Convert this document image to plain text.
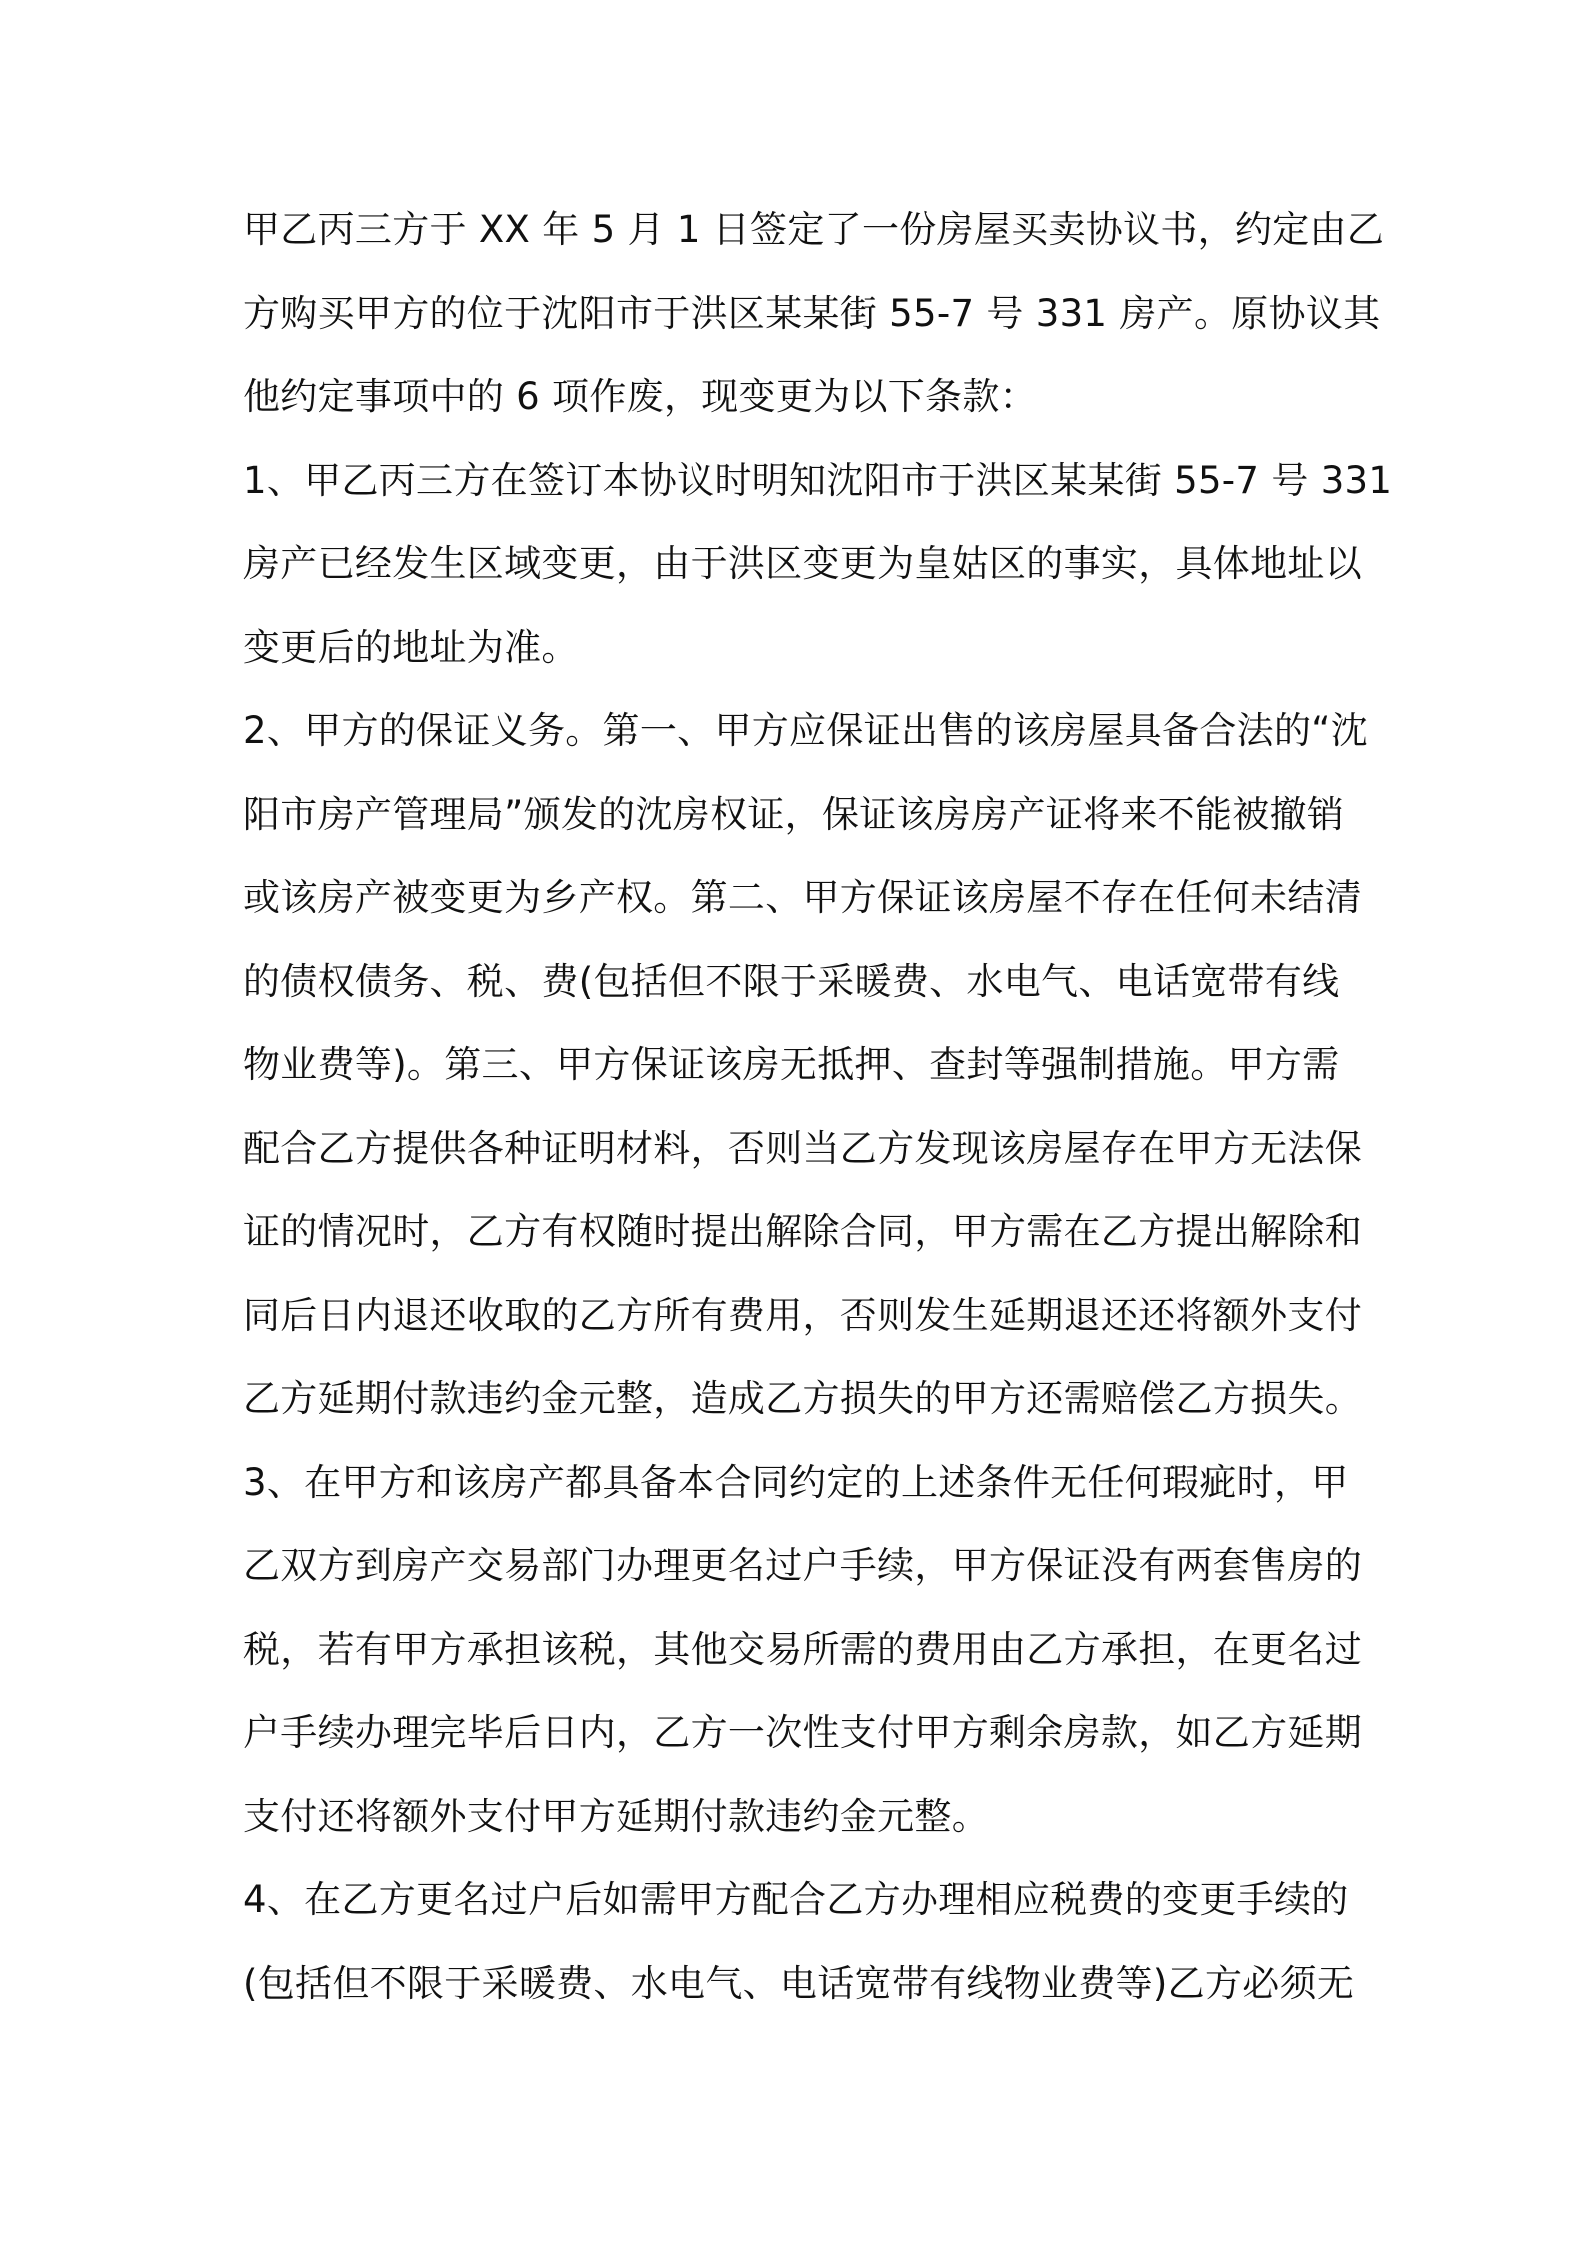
甲乙丙三方于 XX 年 5 月 1 日签定了一份房屋买卖协议书，约定由乙
方购买甲方的位于沈阳市于洪区某某街 55-7 号 331 房产。原协议其
他约定事项中的 6 项作废，现变更为以下条款：
1、甲乙丙三方在签订本协议时明知沈阳市于洪区某某街 55-7 号 331
房产已经发生区域变更，由于洪区变更为皇姑区的事实，具体地址以
变更后的地址为准。
2、甲方的保证义务。第一、甲方应保证出售的该房屋具备合法的“沈
阳市房产管理局”颁发的沈房权证，保证该房房产证将来不能被撤销
或该房产被变更为乡产权。第二、甲方保证该房屋不存在任何未结清
的债权债务、税、费(包括但不限于采暖费、水电气、电话宽带有线
物业费等)。第三、甲方保证该房无抵押、查封等强制措施。甲方需
配合乙方提供各种证明材料，否则当乙方发现该房屋存在甲方无法保
证的情况时，乙方有权随时提出解除合同，甲方需在乙方提出解除和
同后日内退还收取的乙方所有费用，否则发生延期退还还将额外支付
乙方延期付款违约金元整，造成乙方损失的甲方还需赔偿乙方损失。
3、在甲方和该房产都具备本合同约定的上述条件无任何瑕疵时，甲
乙双方到房产交易部门办理更名过户手续，甲方保证没有两套售房的
税，若有甲方承担该税，其他交易所需的费用由乙方承担，在更名过
户手续办理完毕后日内，乙方一次性支付甲方剩余房款，如乙方延期
支付还将额外支付甲方延期付款违约金元整。
4、在乙方更名过户后如需甲方配合乙方办理相应税费的变更手续的
(包括但不限于采暖费、水电气、电话宽带有线物业费等)乙方必须无
